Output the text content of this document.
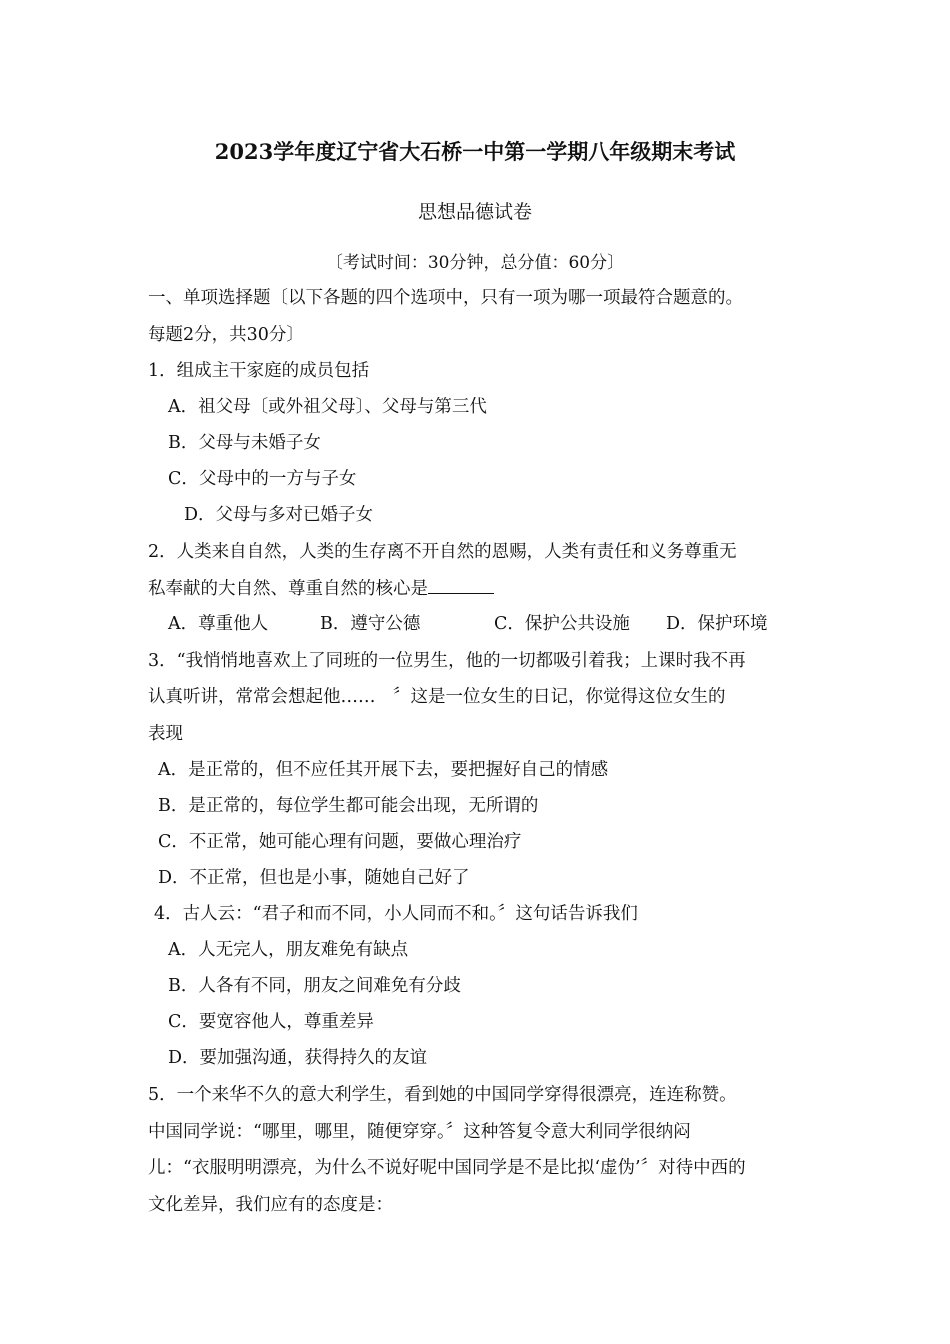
2023学年度辽宁省大石桥一中第一学期八年级期末考试
思想品德试卷
〔考试时间：30分钟，总分值：60分〕
一、单项选择题〔以下各题的四个选项中，只有一项为哪一项最符合题意的。
每题2分，共30分〕
1．组成主干家庭的成员包括
A．祖父母〔或外祖父母〕、父母与第三代
B．父母与未婚子女
C．父母中的一方与子女
D．父母与多对已婚子女
2．人类来自自然，人类的生存离不开自然的恩赐，人类有责任和义务尊重无
私奉献的大自然、尊重自然的核心是
A．尊重他人	B．遵守公德	C．保护公共设施 D．保护环境
3．“我悄悄地喜欢上了同班的一位男生，他的一切都吸引着我；上课时我不再
认真听讲，常常会想起他……　〞这是一位女生的日记，你觉得这位女生的
表现
A．是正常的，但不应任其开展下去，要把握好自己的情感
B．是正常的，每位学生都可能会出现，无所谓的
C．不正常，她可能心理有问题，要做心理治疗
D．不正常，但也是小事，随她自己好了
4．古人云：“君子和而不同，小人同而不和。〞这句话告诉我们
A．人无完人，朋友难免有缺点
B．人各有不同，朋友之间难免有分歧
C．要宽容他人，尊重差异
D．要加强沟通，获得持久的友谊
5．一个来华不久的意大利学生，看到她的中国同学穿得很漂亮，连连称赞。
中国同学说：“哪里，哪里，随便穿穿。〞这种答复令意大利同学很纳闷
儿：“衣服明明漂亮，为什么不说好呢中国同学是不是比拟‘虚伪’〞对待中西的
文化差异，我们应有的态度是：
